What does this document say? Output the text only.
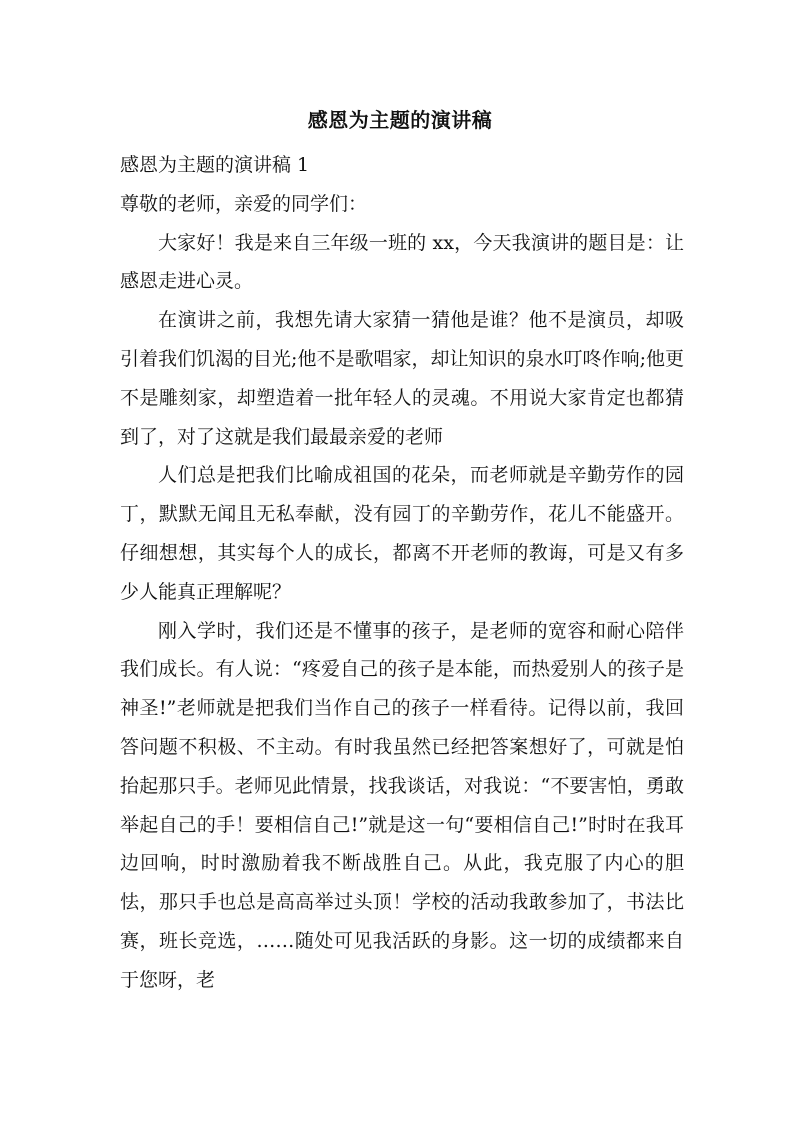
感恩为主题的演讲稿

感恩为主题的演讲稿 1

尊敬的老师，亲爱的同学们：

大家好！我是来自三年级一班的 xx，今天我演讲的题目是：让感恩走进心灵。

在演讲之前，我想先请大家猜一猜他是谁？他不是演员，却吸引着我们饥渴的目光;他不是歌唱家，却让知识的泉水叮咚作响;他更不是雕刻家，却塑造着一批年轻人的灵魂。不用说大家肯定也都猜到了，对了这就是我们最最亲爱的老师

人们总是把我们比喻成祖国的花朵，而老师就是辛勤劳作的园丁，默默无闻且无私奉献，没有园丁的辛勤劳作，花儿不能盛开。仔细想想，其实每个人的成长，都离不开老师的教诲，可是又有多少人能真正理解呢？

刚入学时，我们还是不懂事的孩子，是老师的宽容和耐心陪伴我们成长。有人说：“疼爱自己的孩子是本能，而热爱别人的孩子是神圣!”老师就是把我们当作自己的孩子一样看待。记得以前，我回答问题不积极、不主动。有时我虽然已经把答案想好了，可就是怕抬起那只手。老师见此情景，找我谈话，对我说：“不要害怕，勇敢举起自己的手！要相信自己!”就是这一句“要相信自己!”时时在我耳边回响，时时激励着我不断战胜自己。从此，我克服了内心的胆怯，那只手也总是高高举过头顶！学校的活动我敢参加了，书法比赛，班长竞选，……随处可见我活跃的身影。这一切的成绩都来自于您呀，老
